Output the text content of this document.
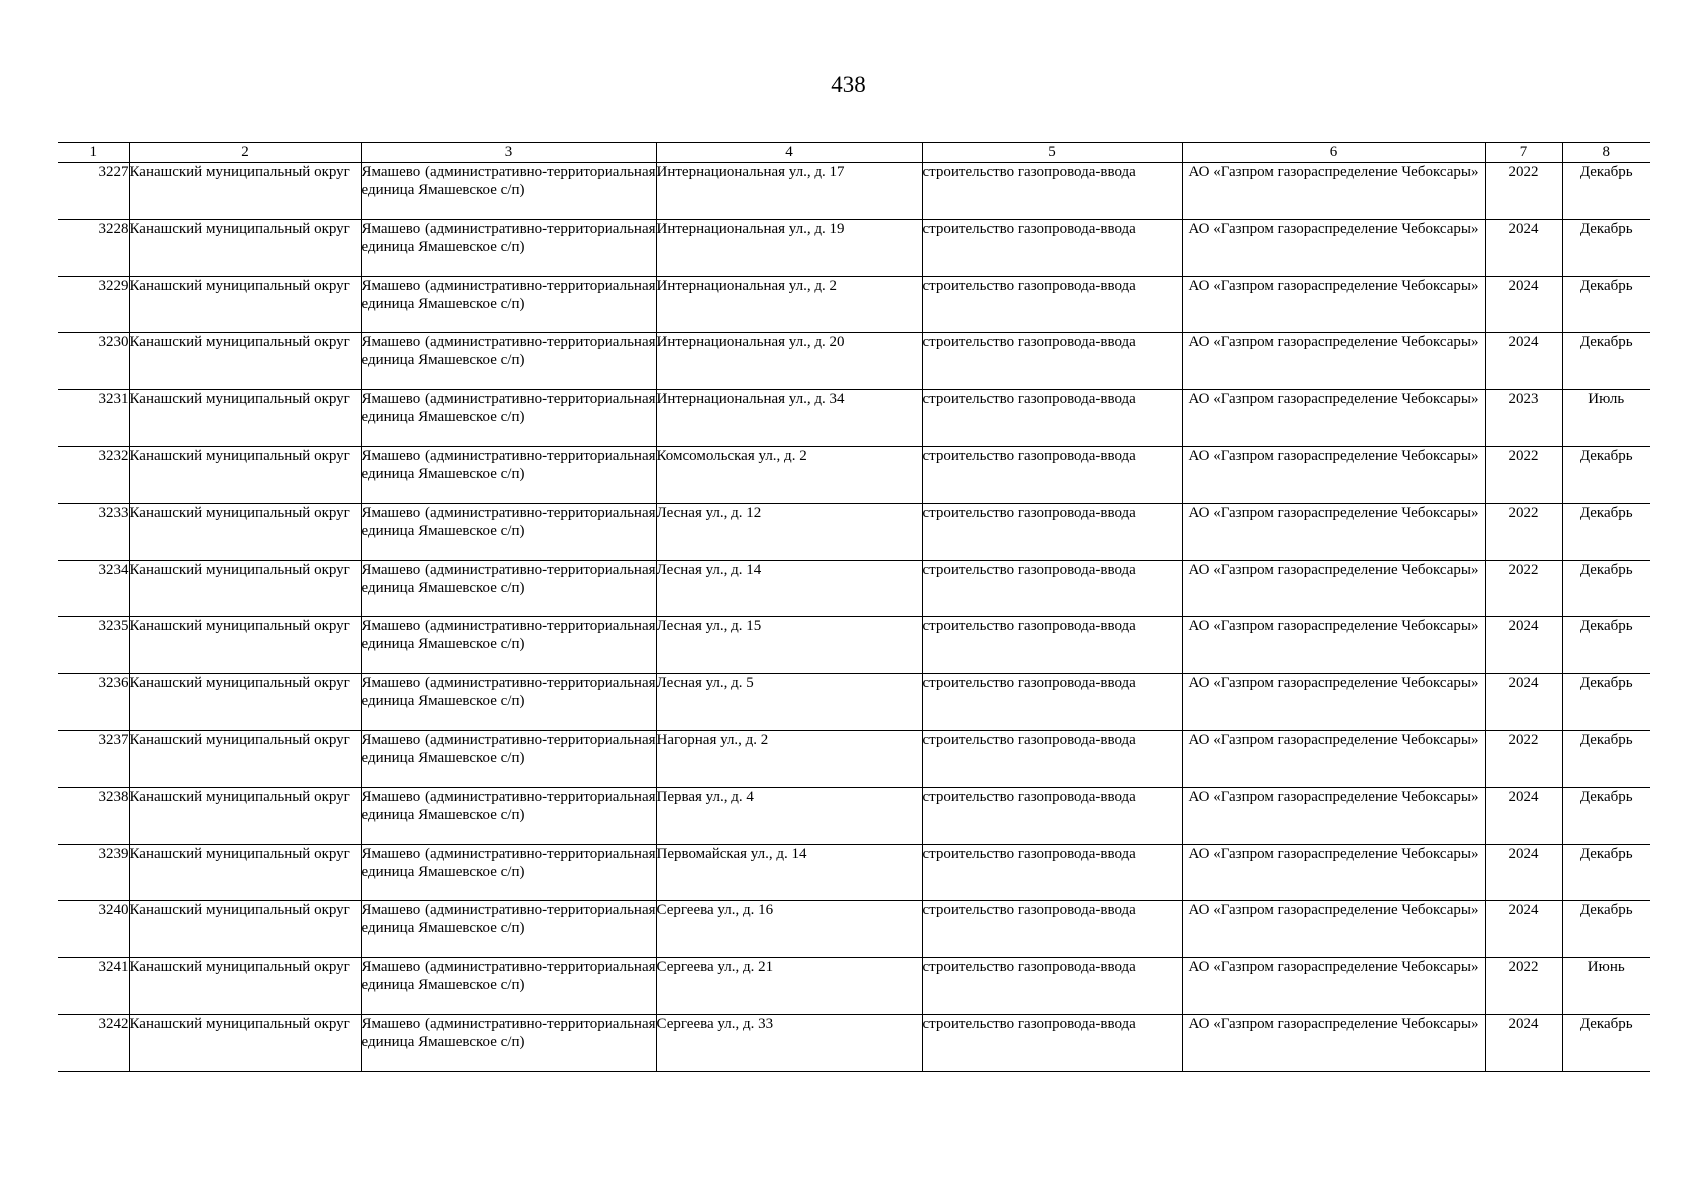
438
1	2	3	4	5	6	7	8
3227	Канашский муниципальный округ	Ямашево (административно-территориальная единица Ямашевское с/п)	Интернациональная ул., д. 17	строительство газопровода-ввода	АО «Газпром газораспределение Чебоксары»	2022	Декабрь
3228	Канашский муниципальный округ	Ямашево (административно-территориальная единица Ямашевское с/п)	Интернациональная ул., д. 19	строительство газопровода-ввода	АО «Газпром газораспределение Чебоксары»	2024	Декабрь
3229	Канашский муниципальный округ	Ямашево (административно-территориальная единица Ямашевское с/п)	Интернациональная ул., д. 2	строительство газопровода-ввода	АО «Газпром газораспределение Чебоксары»	2024	Декабрь
3230	Канашский муниципальный округ	Ямашево (административно-территориальная единица Ямашевское с/п)	Интернациональная ул., д. 20	строительство газопровода-ввода	АО «Газпром газораспределение Чебоксары»	2024	Декабрь
3231	Канашский муниципальный округ	Ямашево (административно-территориальная единица Ямашевское с/п)	Интернациональная ул., д. 34	строительство газопровода-ввода	АО «Газпром газораспределение Чебоксары»	2023	Июль
3232	Канашский муниципальный округ	Ямашево (административно-территориальная единица Ямашевское с/п)	Комсомольская ул., д. 2	строительство газопровода-ввода	АО «Газпром газораспределение Чебоксары»	2022	Декабрь
3233	Канашский муниципальный округ	Ямашево (административно-территориальная единица Ямашевское с/п)	Лесная ул., д. 12	строительство газопровода-ввода	АО «Газпром газораспределение Чебоксары»	2022	Декабрь
3234	Канашский муниципальный округ	Ямашево (административно-территориальная единица Ямашевское с/п)	Лесная ул., д. 14	строительство газопровода-ввода	АО «Газпром газораспределение Чебоксары»	2022	Декабрь
3235	Канашский муниципальный округ	Ямашево (административно-территориальная единица Ямашевское с/п)	Лесная ул., д. 15	строительство газопровода-ввода	АО «Газпром газораспределение Чебоксары»	2024	Декабрь
3236	Канашский муниципальный округ	Ямашево (административно-территориальная единица Ямашевское с/п)	Лесная ул., д. 5	строительство газопровода-ввода	АО «Газпром газораспределение Чебоксары»	2024	Декабрь
3237	Канашский муниципальный округ	Ямашево (административно-территориальная единица Ямашевское с/п)	Нагорная ул., д. 2	строительство газопровода-ввода	АО «Газпром газораспределение Чебоксары»	2022	Декабрь
3238	Канашский муниципальный округ	Ямашево (административно-территориальная единица Ямашевское с/п)	Первая ул., д. 4	строительство газопровода-ввода	АО «Газпром газораспределение Чебоксары»	2024	Декабрь
3239	Канашский муниципальный округ	Ямашево (административно-территориальная единица Ямашевское с/п)	Первомайская ул., д. 14	строительство газопровода-ввода	АО «Газпром газораспределение Чебоксары»	2024	Декабрь
3240	Канашский муниципальный округ	Ямашево (административно-территориальная единица Ямашевское с/п)	Сергеева ул., д. 16	строительство газопровода-ввода	АО «Газпром газораспределение Чебоксары»	2024	Декабрь
3241	Канашский муниципальный округ	Ямашево (административно-территориальная единица Ямашевское с/п)	Сергеева ул., д. 21	строительство газопровода-ввода	АО «Газпром газораспределение Чебоксары»	2022	Июнь
3242	Канашский муниципальный округ	Ямашево (административно-территориальная единица Ямашевское с/п)	Сергеева ул., д. 33	строительство газопровода-ввода	АО «Газпром газораспределение Чебоксары»	2024	Декабрь
